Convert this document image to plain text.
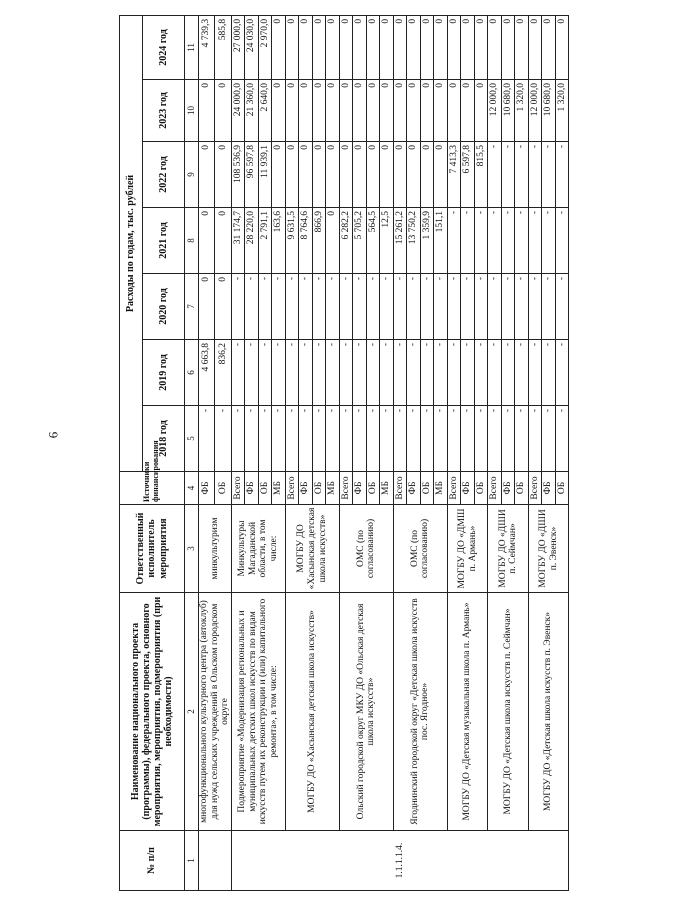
6
№ п/п	Наименование национального проекта (программы), федерального проекта, основного мероприятия, мероприятия, подмероприятия (при необходимости)	Ответственный исполнитель мероприятия	Источники финансирования	Расходы по годам, тыс. рублей						
				2018 год	2019 год	2020 год	2021 год	2022 год	2023 год	2024 год
1	2	3	4	5	6	7	8	9	10	11
	многофункционального культурного центра (автоклуб) для нужд сельских учреждений в Ольском городском округе	минкультуризм	ФБ	-	4 663,8	0	0	0	0	4 739,3
			ОБ	-	836,2	0	0	0	0	585,8
1.1.1.1.4.	Подмероприятие «Модернизация региональных и муниципальных детских школ искусств по видам искусств путем их реконструкции и (или) капитального ремонта», в том числе:	Минкультуры Магаданской области, в том числе:	Всего	-	-	-	31 174,7	108 536,9	24 000,0	27 000,0
			ФБ	-	-	-	28 220,0	96 597,8	21 360,0	24 030,0
			ОБ	-	-	-	2 791,1	11 939,1	2 640,0	2 970,0
			МБ	-	-	-	163,6	0	0	0
	МОГБУ ДО «Хасынская детская школа искусств»	МОГБУ ДО «Хасынская детская школа искусств»	Всего	-	-	-	9 631,5	0	0	0
			ФБ	-	-	-	8 764,6	0	0	0
			ОБ	-	-	-	866,9	0	0	0
			МБ	-	-	-	0	0	0	0
	Ольский городской округ МКУ ДО «Ольская детская школа искусств»	ОМС (по согласованию)	Всего	-	-	-	6 282,2	0	0	0
			ФБ	-	-	-	5 705,2	0	0	0
			ОБ	-	-	-	564,5	0	0	0
			МБ	-	-	-	12,5	0	0	0
	Ягоднинский городской округ «Детская школа искусств пос. Ягодное»	ОМС (по согласованию)	Всего	-	-	-	15 261,2	0	0	0
			ФБ	-	-	-	13 750,2	0	0	0
			ОБ	-	-	-	1 359,9	0	0	0
			МБ	-	-	-	151,1	0	0	0
	МОГБУ ДО «Детская музыкальная школа п. Армань»	МОГБУ ДО «ДМШ п. Армань»	Всего	-	-	-	-	7 413,3	0	0
			ФБ	-	-	-	-	6 597,8	0	0
			ОБ	-	-	-	-	815,5	0	0
	МОГБУ ДО «Детская школа искусств п. Сеймчан»	МОГБУ ДО «ДШИ п. Сеймчан»	Всего	-	-	-	-	-	12 000,0	0
			ФБ	-	-	-	-	-	10 680,0	0
			ОБ	-	-	-	-	-	1 320,0	0
	МОГБУ ДО «Детская школа искусств п. Эвенск»	МОГБУ ДО «ДШИ п. Эвенск»	Всего	-	-	-	-	-	12 000,0	0
			ФБ	-	-	-	-	-	10 680,0	0
			ОБ	-	-	-	-	-	1 320,0	0
